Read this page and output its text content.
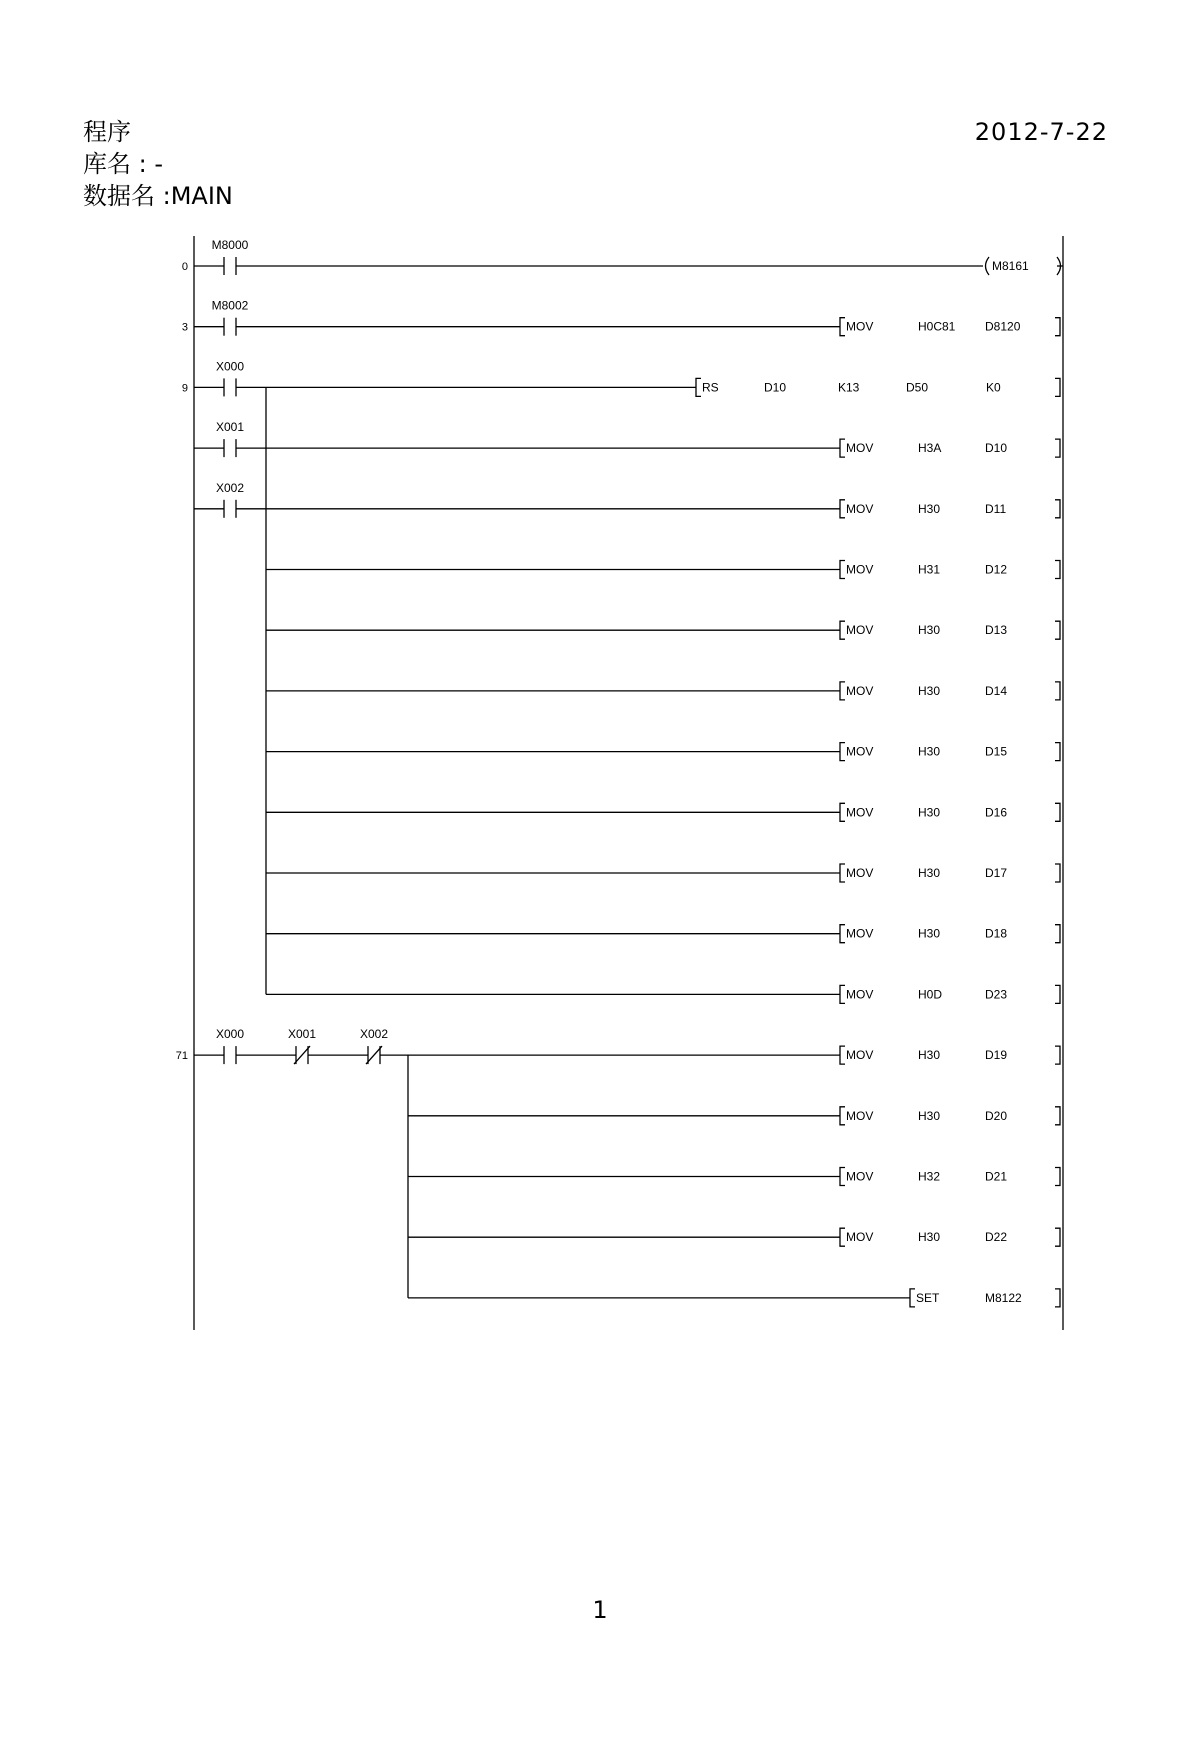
程序	2012-7-22
库名 : -
数据名 :MAIN
0
M8000
M8161
3
M8002
MOV	H0C81 D8120
9
X000
X001
X002
RS	D10	K13	D50	K0
MOV	H3A	D10
MOV	H30	D11
MOV	H31	D12
MOV	H30	D13
MOV	H30	D14
MOV	H30	D15
MOV	H30	D16
MOV	H30	D17
MOV	H30	D18
MOV	H0D	D23
71
X000	X001	X002
MOV	H30	D19
MOV	H30	D20
MOV	H32	D21
MOV	H30	D22
SET	M8122
1
